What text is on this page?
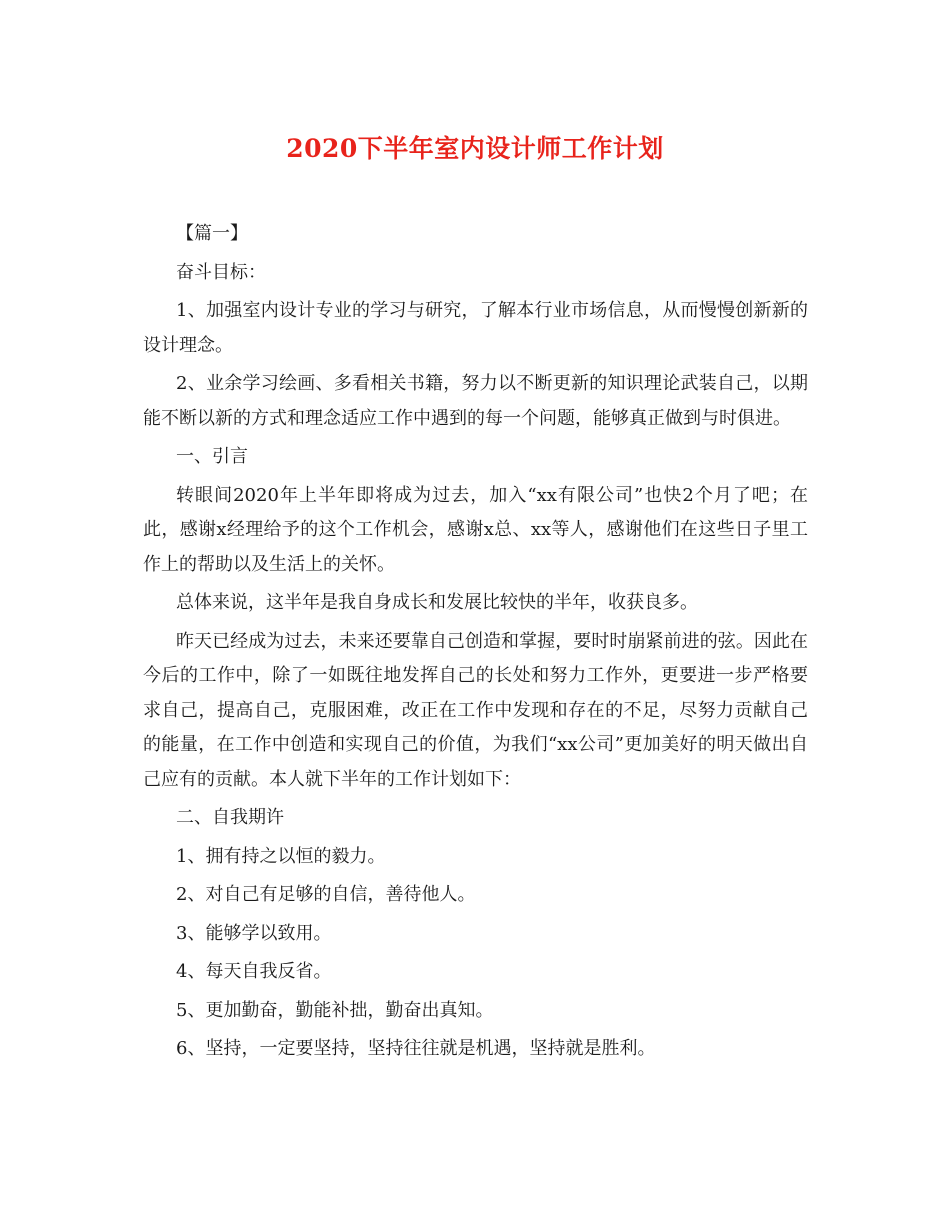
2020下半年室内设计师工作计划

【篇一】

奋斗目标：

1、加强室内设计专业的学习与研究，了解本行业市场信息，从而慢慢创新新的设计理念。

2、业余学习绘画、多看相关书籍，努力以不断更新的知识理论武装自己，以期能不断以新的方式和理念适应工作中遇到的每一个问题，能够真正做到与时俱进。

一、引言

转眼间2020年上半年即将成为过去，加入“xx有限公司”也快2个月了吧；在此，感谢x经理给予的这个工作机会，感谢x总、xx等人，感谢他们在这些日子里工作上的帮助以及生活上的关怀。

总体来说，这半年是我自身成长和发展比较快的半年，收获良多。

昨天已经成为过去，未来还要靠自己创造和掌握，要时时崩紧前进的弦。因此在今后的工作中，除了一如既往地发挥自己的长处和努力工作外，更要进一步严格要求自己，提高自己，克服困难，改正在工作中发现和存在的不足，尽努力贡献自己的能量，在工作中创造和实现自己的价值，为我们“xx公司”更加美好的明天做出自己应有的贡献。本人就下半年的工作计划如下：

二、自我期许

1、拥有持之以恒的毅力。

2、对自己有足够的自信，善待他人。

3、能够学以致用。

4、每天自我反省。

5、更加勤奋，勤能补拙，勤奋出真知。

6、坚持，一定要坚持，坚持往往就是机遇，坚持就是胜利。
